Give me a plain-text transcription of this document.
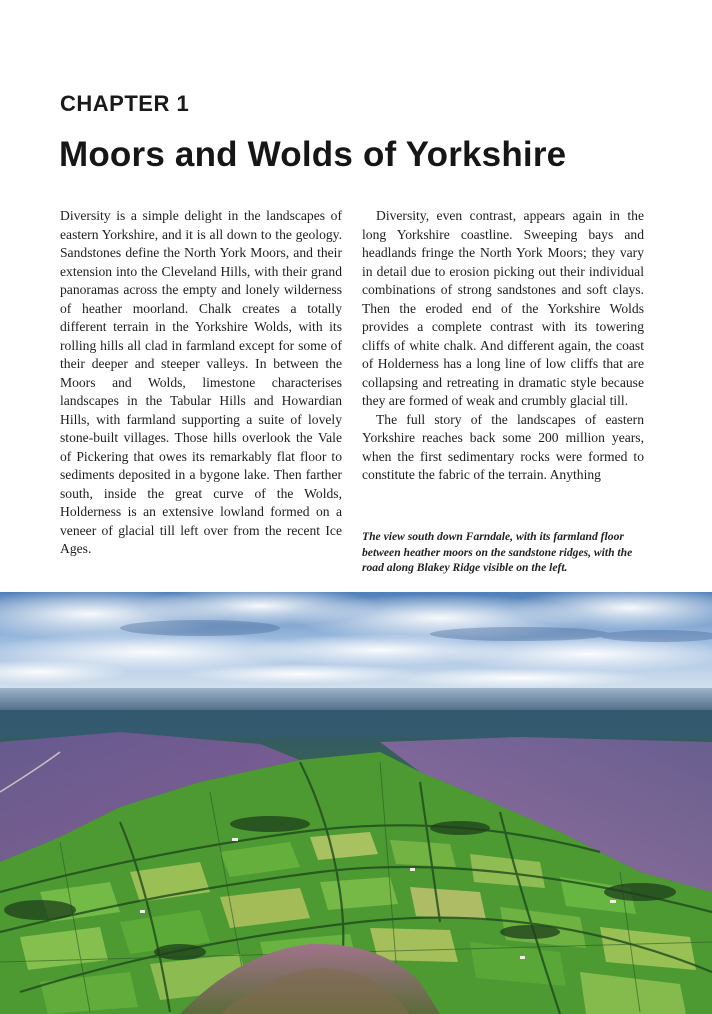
CHAPTER 1
Moors and Wolds of Yorkshire

Diversity is a simple delight in the landscapes of eastern Yorkshire, and it is all down to the geology. Sandstones define the North York Moors, and their extension into the Cleveland Hills, with their grand panoramas across the empty and lonely wilderness of heather moorland. Chalk creates a totally different terrain in the Yorkshire Wolds, with its rolling hills all clad in farmland except for some of their deeper and steeper valleys. In between the Moors and Wolds, limestone characterises landscapes in the Tabular Hills and Howardian Hills, with farmland supporting a suite of lovely stone-built villages. Those hills overlook the Vale of Pickering that owes its remarkably flat floor to sediments deposited in a bygone lake. Then farther south, inside the great curve of the Wolds, Holderness is an extensive lowland formed on a veneer of glacial till left over from the recent Ice Ages.

Diversity, even contrast, appears again in the long Yorkshire coastline. Sweeping bays and headlands fringe the North York Moors; they vary in detail due to erosion picking out their individual combinations of strong sandstones and soft clays. Then the eroded end of the Yorkshire Wolds provides a complete contrast with its towering cliffs of white chalk. And different again, the coast of Holderness has a long line of low cliffs that are collapsing and retreating in dramatic style because they are formed of weak and crumbly glacial till.

The full story of the landscapes of eastern Yorkshire reaches back some 200 million years, when the first sedimentary rocks were formed to constitute the fabric of the terrain. Anything

The view south down Farndale, with its farmland floor between heather moors on the sandstone ridges, with the road along Blakey Ridge visible on the left.
